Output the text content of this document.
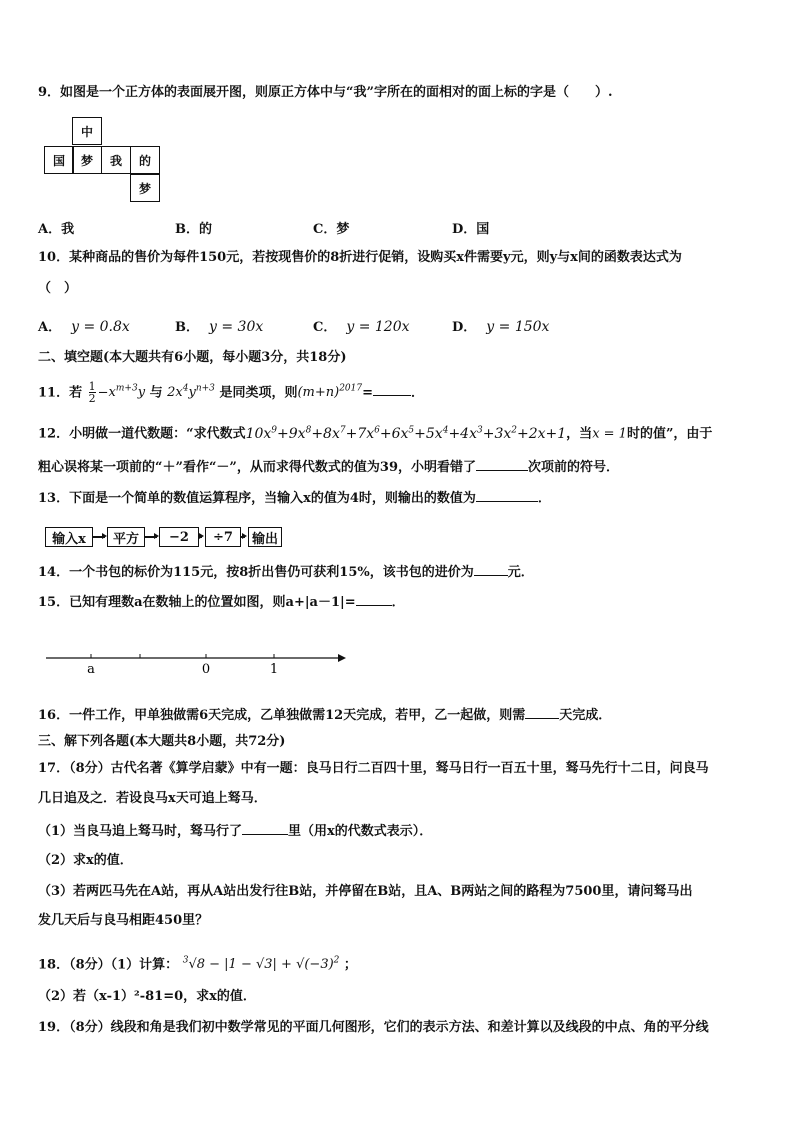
9．如图是一个正方体的表面展开图，则原正方体中与“我”字所在的面相对的面上标的字是（　　）.
中
国	梦	我	的
梦
A．我	B．的	C．梦	D．国
10．某种商品的售价为每件150元，若按现售价的8折进行促销，设购买x件需要y元，则y与x间的函数表达式为
（　）
A． y = 0.8x	B． y = 30x	C． y = 120x	D． y = 150x
二、填空题(本大题共有6小题，每小题3分，共18分)
11．若 $\frac{1}{2} -x^{m+3}y$ 与 $2x^4y^{n+3}$ 是同类项，则$(m+n)^{2017}=$	．
12．小明做一道代数题：“求代数式$10x^9+9x^8+8x^7+7x^6+6x^5+5x^4+4x^3+3x^2+2x+1$，当x = 1时的值”，由于
粗心误将某一项前的“＋”看作“－”，从而求得代数式的值为39，小明看错了	次项前的符号．
13．下面是一个简单的数值运算程序，当输入x的值为4时，则输出的数值为	．
输入x	平方	−2	÷7	输出
14．一个书包的标价为115元，按8折出售仍可获利15%，该书包的进价为	元．
15．已知有理数a在数轴上的位置如图，则a+|a－1|=	．
a	0	1
16．一件工作，甲单独做需6天完成，乙单独做需12天完成，若甲，乙一起做，则需	天完成．
三、解下列各题(本大题共8小题，共72分)
17．（8分）古代名著《算学启蒙》中有一题：良马日行二百四十里，驽马日行一百五十里，驽马先行十二日，问良马
几日追及之．若设良马x天可追上驽马．
（1）当良马追上驽马时，驽马行了	里（用x的代数式表示）．
（2）求x的值．
（3）若两匹马先在A站，再从A站出发行往B站，并停留在B站，且A、B两站之间的路程为7500里，请问驽马出
发几天后与良马相距450里？
18．（8分）（1）计算： $^3√8 - |1 - √3| + √(-3)^2$ ；
（2）若（x-1）²-81=0，求x的值．
19．（8分）线段和角是我们初中数学常见的平面几何图形，它们的表示方法、和差计算以及线段的中点、角的平分线
